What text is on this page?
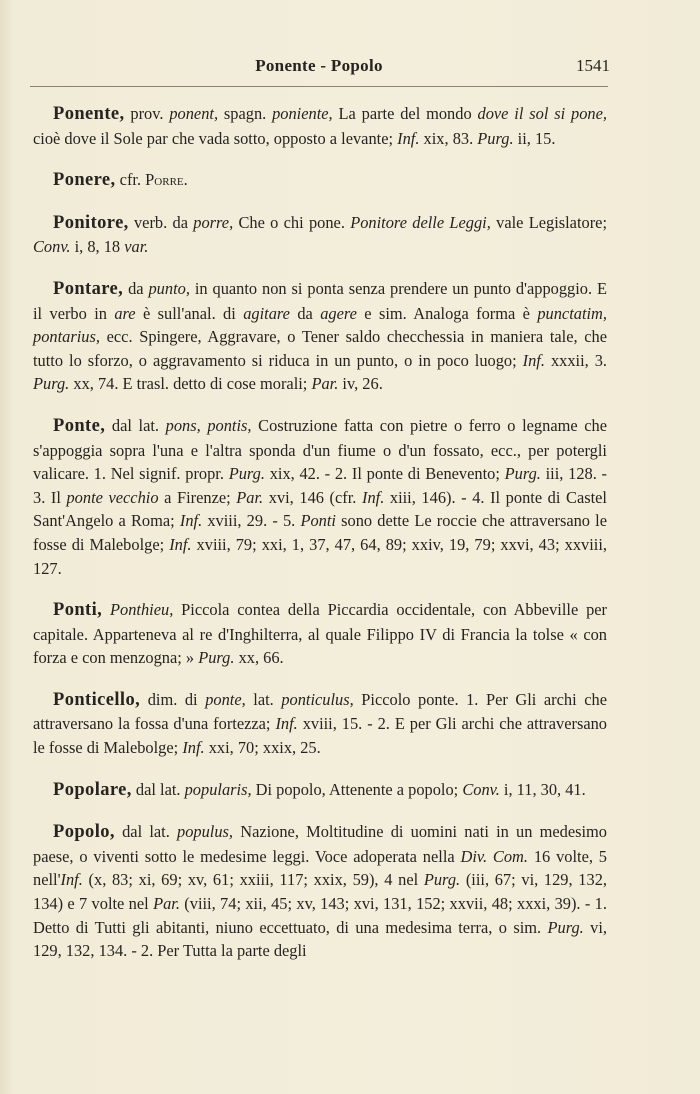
Ponente - Popolo	1541

Ponente, prov. ponent, spagn. poniente, La parte del mondo dove il sol si pone, cioè dove il Sole par che vada sotto, opposto a levante; Inf. xix, 83. Purg. ii, 15.

Ponere, cfr. Porre.

Ponitore, verb. da porre, Che o chi pone. Ponitore delle Leggi, vale Legislatore; Conv. i, 8, 18 var.

Pontare, da punto, in quanto non si ponta senza prendere un punto d'appoggio. E il verbo in are è sull'anal. di agitare da agere e sim. Analoga forma è punctatim, pontarius, ecc. Spingere, Aggravare, o Tener saldo checchessia in maniera tale, che tutto lo sforzo, o aggravamento si riduca in un punto, o in poco luogo; Inf. xxxii, 3. Purg. xx, 74. E trasl. detto di cose morali; Par. iv, 26.

Ponte, dal lat. pons, pontis, Costruzione fatta con pietre o ferro o legname che s'appoggia sopra l'una e l'altra sponda d'un fiume o d'un fossato, ecc., per potergli valicare. 1. Nel signif. propr. Purg. xix, 42. - 2. Il ponte di Benevento; Purg. iii, 128. - 3. Il ponte vecchio a Firenze; Par. xvi, 146 (cfr. Inf. xiii, 146). - 4. Il ponte di Castel Sant'Angelo a Roma; Inf. xviii, 29. - 5. Ponti sono dette Le roccie che attraversano le fosse di Malebolge; Inf. xviii, 79; xxi, 1, 37, 47, 64, 89; xxiv, 19, 79; xxvi, 43; xxviii, 127.

Ponti, Ponthieu, Piccola contea della Piccardia occidentale, con Abbeville per capitale. Apparteneva al re d'Inghilterra, al quale Filippo IV di Francia la tolse « con forza e con menzogna; » Purg. xx, 66.

Ponticello, dim. di ponte, lat. ponticulus, Piccolo ponte. 1. Per Gli archi che attraversano la fossa d'una fortezza; Inf. xviii, 15. - 2. E per Gli archi che attraversano le fosse di Malebolge; Inf. xxi, 70; xxix, 25.

Popolare, dal lat. popularis, Di popolo, Attenente a popolo; Conv. i, 11, 30, 41.

Popolo, dal lat. populus, Nazione, Moltitudine di uomini nati in un medesimo paese, o viventi sotto le medesime leggi. Voce adoperata nella Div. Com. 16 volte, 5 nell'Inf. (x, 83; xi, 69; xv, 61; xxiii, 117; xxix, 59), 4 nel Purg. (iii, 67; vi, 129, 132, 134) e 7 volte nel Par. (viii, 74; xii, 45; xv, 143; xvi, 131, 152; xxvii, 48; xxxi, 39). - 1. Detto di Tutti gli abitanti, niuno eccettuato, di una medesima terra, o sim. Purg. vi, 129, 132, 134. - 2. Per Tutta la parte degli
